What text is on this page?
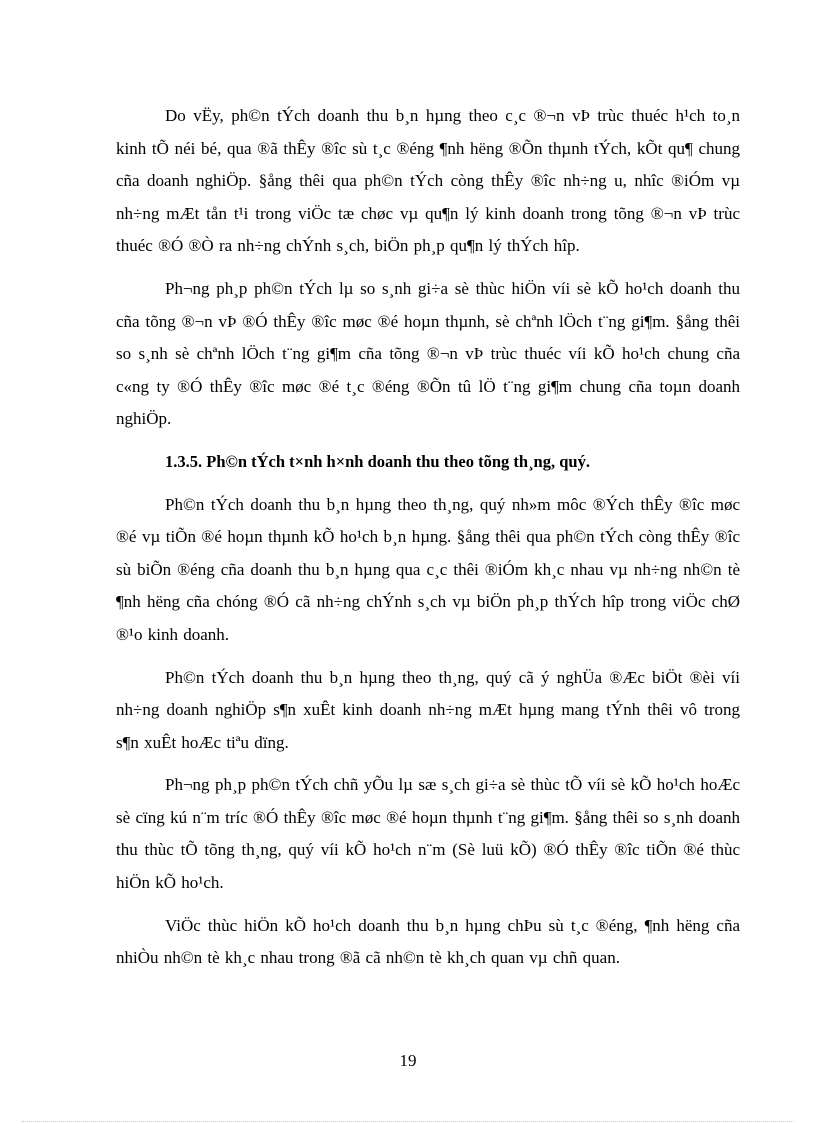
Do vËy, ph©n tÝch doanh thu b¸n hµng theo c¸c ®¬n vÞ trùc thuéc h¹ch to¸n kinh tÕ néi bé, qua ®ã thÊy ®îc sù t¸c ®éng ¶nh hëng ®Õn thµnh tÝch, kÕt qu¶ chung cña doanh nghiÖp. §ång thêi qua ph©n tÝch còng thÊy ®îc nh÷ng u, nhîc ®iÓm vµ nh÷ng mÆt tån t¹i trong viÖc tæ chøc vµ qu¶n lý kinh doanh trong tõng ®¬n vÞ trùc thuéc ®Ó ®Ò ra nh÷ng chÝnh s¸ch, biÖn ph¸p qu¶n lý thÝch hîp.

Ph¬ng ph¸p ph©n tÝch lµ so s¸nh gi÷a sè thùc hiÖn víi sè kÕ ho¹ch doanh thu cña tõng ®¬n vÞ ®Ó thÊy ®îc møc ®é hoµn thµnh, sè chªnh lÖch t¨ng gi¶m. §ång thêi so s¸nh sè chªnh lÖch t¨ng gi¶m cña tõng ®¬n vÞ trùc thuéc víi kÕ ho¹ch chung cña c«ng ty ®Ó thÊy ®îc møc ®é t¸c ®éng ®Õn tû lÖ t¨ng gi¶m chung cña toµn doanh nghiÖp.

1.3.5. Ph©n tÝch t×nh h×nh doanh thu theo tõng th¸ng, quý.

Ph©n tÝch doanh thu b¸n hµng theo th¸ng, quý nh»m môc ®Ých thÊy ®îc møc ®é vµ tiÕn ®é hoµn thµnh kÕ ho¹ch b¸n hµng. §ång thêi qua ph©n tÝch còng thÊy ®îc sù biÕn ®éng cña doanh thu b¸n hµng qua c¸c thêi ®iÓm kh¸c nhau vµ nh÷ng nh©n tè ¶nh hëng cña chóng ®Ó cã nh÷ng chÝnh s¸ch vµ biÖn ph¸p thÝch hîp trong viÖc chØ ®¹o kinh doanh.

Ph©n tÝch doanh thu b¸n hµng theo th¸ng, quý cã ý nghÜa ®Æc biÖt ®èi víi nh÷ng doanh nghiÖp s¶n xuÊt kinh doanh nh÷ng mÆt hµng mang tÝnh thêi vô trong s¶n xuÊt hoÆc tiªu dïng.

Ph¬ng ph¸p ph©n tÝch chñ yÕu lµ sæ s¸ch gi÷a sè thùc tÕ víi sè kÕ ho¹ch hoÆc sè cïng kú n¨m tríc ®Ó thÊy ®îc møc ®é hoµn thµnh t¨ng gi¶m. §ång thêi so s¸nh doanh thu thùc tÕ tõng th¸ng, quý víi kÕ ho¹ch n¨m (Sè luü kÕ) ®Ó thÊy ®îc tiÕn ®é thùc hiÖn kÕ ho¹ch.

ViÖc thùc hiÖn kÕ ho¹ch doanh thu b¸n hµng chÞu sù t¸c ®éng, ¶nh hëng cña nhiÒu nh©n tè kh¸c nhau trong ®ã cã nh©n tè kh¸ch quan vµ chñ quan.

19
